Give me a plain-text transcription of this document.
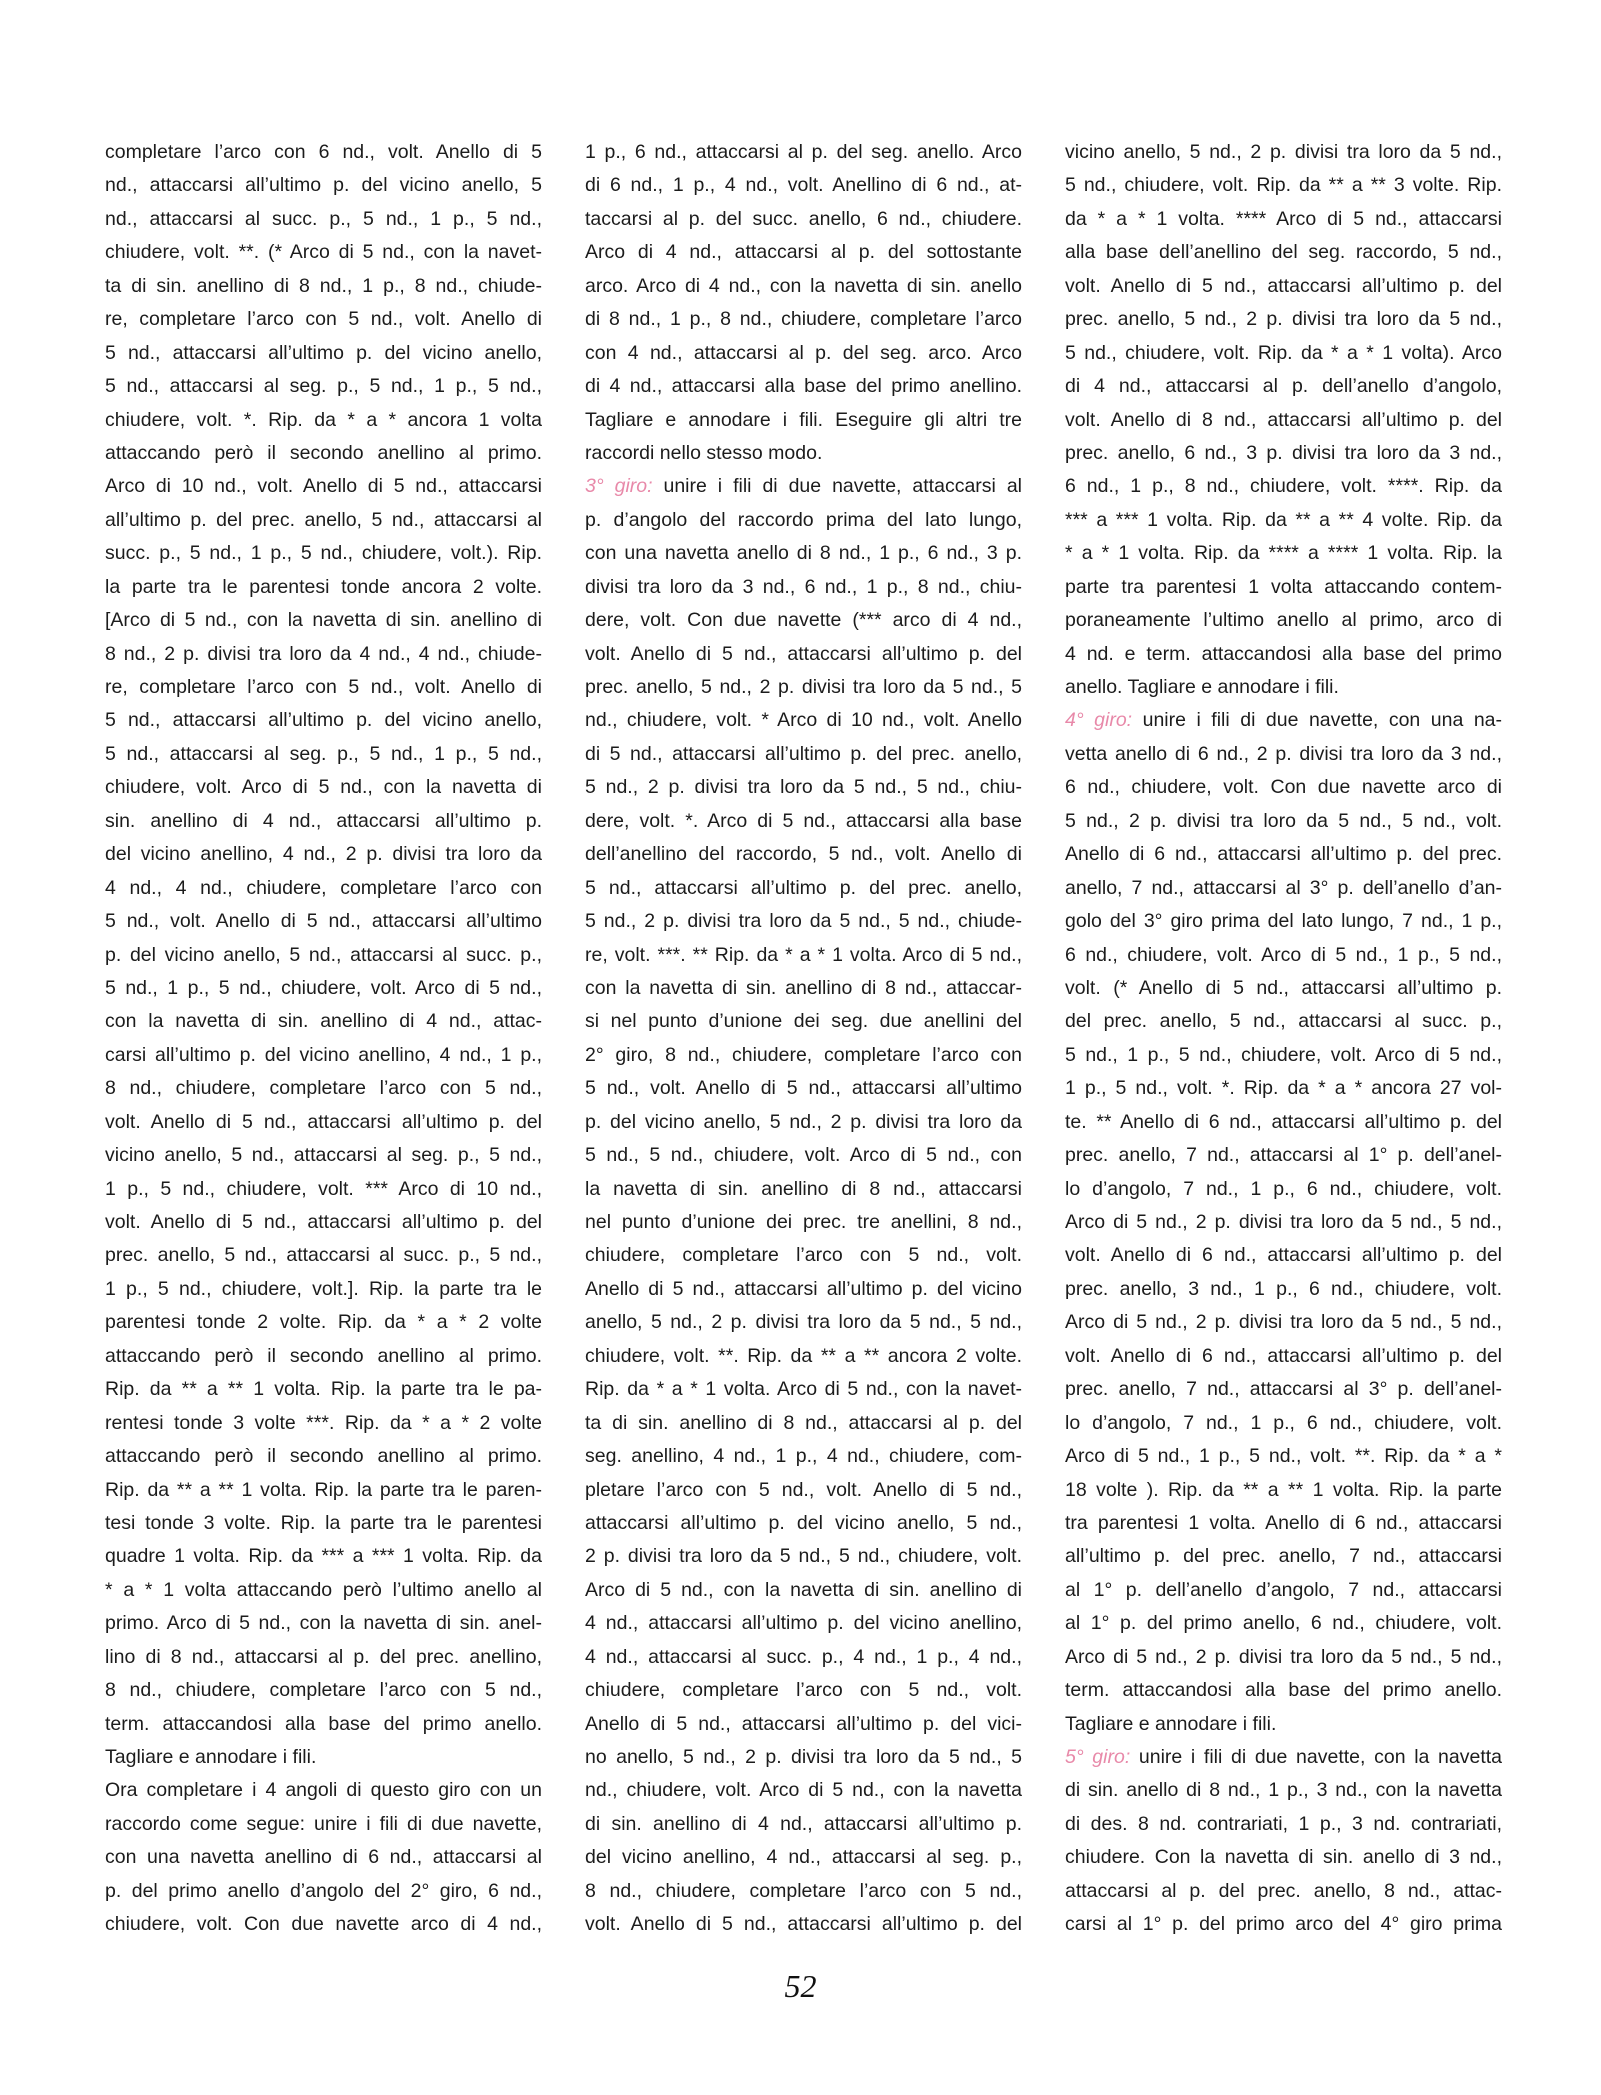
completare l’arco con 6 nd., volt. Anello di 5
nd., attaccarsi all’ultimo p. del vicino anello, 5
nd., attaccarsi al succ. p., 5 nd., 1 p., 5 nd.,
chiudere, volt. **. (* Arco di 5 nd., con la navet-
ta di sin. anellino di 8 nd., 1 p., 8 nd., chiude-
re, completare l’arco con 5 nd., volt. Anello di
5 nd., attaccarsi all’ultimo p. del vicino anello,
5 nd., attaccarsi al seg. p., 5 nd., 1 p., 5 nd.,
chiudere, volt. *. Rip. da * a * ancora 1 volta
attaccando però il secondo anellino al primo.
Arco di 10 nd., volt. Anello di 5 nd., attaccarsi
all’ultimo p. del prec. anello, 5 nd., attaccarsi al
succ. p., 5 nd., 1 p., 5 nd., chiudere, volt.). Rip.
la parte tra le parentesi tonde ancora 2 volte.
[Arco di 5 nd., con la navetta di sin. anellino di
8 nd., 2 p. divisi tra loro da 4 nd., 4 nd., chiude-
re, completare l’arco con 5 nd., volt. Anello di
5 nd., attaccarsi all’ultimo p. del vicino anello,
5 nd., attaccarsi al seg. p., 5 nd., 1 p., 5 nd.,
chiudere, volt. Arco di 5 nd., con la navetta di
sin. anellino di 4 nd., attaccarsi all’ultimo p.
del vicino anellino, 4 nd., 2 p. divisi tra loro da
4 nd., 4 nd., chiudere, completare l’arco con
5 nd., volt. Anello di 5 nd., attaccarsi all’ultimo
p. del vicino anello, 5 nd., attaccarsi al succ. p.,
5 nd., 1 p., 5 nd., chiudere, volt. Arco di 5 nd.,
con la navetta di sin. anellino di 4 nd., attac-
carsi all’ultimo p. del vicino anellino, 4 nd., 1 p.,
8 nd., chiudere, completare l’arco con 5 nd.,
volt. Anello di 5 nd., attaccarsi all’ultimo p. del
vicino anello, 5 nd., attaccarsi al seg. p., 5 nd.,
1 p., 5 nd., chiudere, volt. *** Arco di 10 nd.,
volt. Anello di 5 nd., attaccarsi all’ultimo p. del
prec. anello, 5 nd., attaccarsi al succ. p., 5 nd.,
1 p., 5 nd., chiudere, volt.]. Rip. la parte tra le
parentesi tonde 2 volte. Rip. da * a * 2 volte
attaccando però il secondo anellino al primo.
Rip. da ** a ** 1 volta. Rip. la parte tra le pa-
rentesi tonde 3 volte ***. Rip. da * a * 2 volte
attaccando però il secondo anellino al primo.
Rip. da ** a ** 1 volta. Rip. la parte tra le paren-
tesi tonde 3 volte. Rip. la parte tra le parentesi
quadre 1 volta. Rip. da *** a *** 1 volta. Rip. da
* a * 1 volta attaccando però l’ultimo anello al
primo. Arco di 5 nd., con la navetta di sin. anel-
lino di 8 nd., attaccarsi al p. del prec. anellino,
8 nd., chiudere, completare l’arco con 5 nd.,
term. attaccandosi alla base del primo anello.
Tagliare e annodare i fili.
Ora completare i 4 angoli di questo giro con un
raccordo come segue: unire i fili di due navette,
con una navetta anellino di 6 nd., attaccarsi al
p. del primo anello d’angolo del 2° giro, 6 nd.,
chiudere, volt. Con due navette arco di 4 nd.,
1 p., 6 nd., attaccarsi al p. del seg. anello. Arco
di 6 nd., 1 p., 4 nd., volt. Anellino di 6 nd., at-
taccarsi al p. del succ. anello, 6 nd., chiudere.
Arco di 4 nd., attaccarsi al p. del sottostante
arco. Arco di 4 nd., con la navetta di sin. anello
di 8 nd., 1 p., 8 nd., chiudere, completare l’arco
con 4 nd., attaccarsi al p. del seg. arco. Arco
di 4 nd., attaccarsi alla base del primo anellino.
Tagliare e annodare i fili. Eseguire gli altri tre
raccordi nello stesso modo.
3° giro: unire i fili di due navette, attaccarsi al
p. d’angolo del raccordo prima del lato lungo,
con una navetta anello di 8 nd., 1 p., 6 nd., 3 p.
divisi tra loro da 3 nd., 6 nd., 1 p., 8 nd., chiu-
dere, volt. Con due navette (*** arco di 4 nd.,
volt. Anello di 5 nd., attaccarsi all’ultimo p. del
prec. anello, 5 nd., 2 p. divisi tra loro da 5 nd., 5
nd., chiudere, volt. * Arco di 10 nd., volt. Anello
di 5 nd., attaccarsi all’ultimo p. del prec. anello,
5 nd., 2 p. divisi tra loro da 5 nd., 5 nd., chiu-
dere, volt. *. Arco di 5 nd., attaccarsi alla base
dell’anellino del raccordo, 5 nd., volt. Anello di
5 nd., attaccarsi all’ultimo p. del prec. anello,
5 nd., 2 p. divisi tra loro da 5 nd., 5 nd., chiude-
re, volt. ***. ** Rip. da * a * 1 volta. Arco di 5 nd.,
con la navetta di sin. anellino di 8 nd., attaccar-
si nel punto d’unione dei seg. due anellini del
2° giro, 8 nd., chiudere, completare l’arco con
5 nd., volt. Anello di 5 nd., attaccarsi all’ultimo
p. del vicino anello, 5 nd., 2 p. divisi tra loro da
5 nd., 5 nd., chiudere, volt. Arco di 5 nd., con
la navetta di sin. anellino di 8 nd., attaccarsi
nel punto d’unione dei prec. tre anellini, 8 nd.,
chiudere, completare l’arco con 5 nd., volt.
Anello di 5 nd., attaccarsi all’ultimo p. del vicino
anello, 5 nd., 2 p. divisi tra loro da 5 nd., 5 nd.,
chiudere, volt. **. Rip. da ** a ** ancora 2 volte.
Rip. da * a * 1 volta. Arco di 5 nd., con la navet-
ta di sin. anellino di 8 nd., attaccarsi al p. del
seg. anellino, 4 nd., 1 p., 4 nd., chiudere, com-
pletare l’arco con 5 nd., volt. Anello di 5 nd.,
attaccarsi all’ultimo p. del vicino anello, 5 nd.,
2 p. divisi tra loro da 5 nd., 5 nd., chiudere, volt.
Arco di 5 nd., con la navetta di sin. anellino di
4 nd., attaccarsi all’ultimo p. del vicino anellino,
4 nd., attaccarsi al succ. p., 4 nd., 1 p., 4 nd.,
chiudere, completare l’arco con 5 nd., volt.
Anello di 5 nd., attaccarsi all’ultimo p. del vici-
no anello, 5 nd., 2 p. divisi tra loro da 5 nd., 5
nd., chiudere, volt. Arco di 5 nd., con la navetta
di sin. anellino di 4 nd., attaccarsi all’ultimo p.
del vicino anellino, 4 nd., attaccarsi al seg. p.,
8 nd., chiudere, completare l’arco con 5 nd.,
volt. Anello di 5 nd., attaccarsi all’ultimo p. del
vicino anello, 5 nd., 2 p. divisi tra loro da 5 nd.,
5 nd., chiudere, volt. Rip. da ** a ** 3 volte. Rip.
da * a * 1 volta. **** Arco di 5 nd., attaccarsi
alla base dell’anellino del seg. raccordo, 5 nd.,
volt. Anello di 5 nd., attaccarsi all’ultimo p. del
prec. anello, 5 nd., 2 p. divisi tra loro da 5 nd.,
5 nd., chiudere, volt. Rip. da * a * 1 volta). Arco
di 4 nd., attaccarsi al p. dell’anello d’angolo,
volt. Anello di 8 nd., attaccarsi all’ultimo p. del
prec. anello, 6 nd., 3 p. divisi tra loro da 3 nd.,
6 nd., 1 p., 8 nd., chiudere, volt. ****. Rip. da
*** a *** 1 volta. Rip. da ** a ** 4 volte. Rip. da
* a * 1 volta. Rip. da **** a **** 1 volta. Rip. la
parte tra parentesi 1 volta attaccando contem-
poraneamente l’ultimo anello al primo, arco di
4 nd. e term. attaccandosi alla base del primo
anello. Tagliare e annodare i fili.
4° giro: unire i fili di due navette, con una na-
vetta anello di 6 nd., 2 p. divisi tra loro da 3 nd.,
6 nd., chiudere, volt. Con due navette arco di
5 nd., 2 p. divisi tra loro da 5 nd., 5 nd., volt.
Anello di 6 nd., attaccarsi all’ultimo p. del prec.
anello, 7 nd., attaccarsi al 3° p. dell’anello d’an-
golo del 3° giro prima del lato lungo, 7 nd., 1 p.,
6 nd., chiudere, volt. Arco di 5 nd., 1 p., 5 nd.,
volt. (* Anello di 5 nd., attaccarsi all’ultimo p.
del prec. anello, 5 nd., attaccarsi al succ. p.,
5 nd., 1 p., 5 nd., chiudere, volt. Arco di 5 nd.,
1 p., 5 nd., volt. *. Rip. da * a * ancora 27 vol-
te. ** Anello di 6 nd., attaccarsi all’ultimo p. del
prec. anello, 7 nd., attaccarsi al 1° p. dell’anel-
lo d’angolo, 7 nd., 1 p., 6 nd., chiudere, volt.
Arco di 5 nd., 2 p. divisi tra loro da 5 nd., 5 nd.,
volt. Anello di 6 nd., attaccarsi all’ultimo p. del
prec. anello, 3 nd., 1 p., 6 nd., chiudere, volt.
Arco di 5 nd., 2 p. divisi tra loro da 5 nd., 5 nd.,
volt. Anello di 6 nd., attaccarsi all’ultimo p. del
prec. anello, 7 nd., attaccarsi al 3° p. dell’anel-
lo d’angolo, 7 nd., 1 p., 6 nd., chiudere, volt.
Arco di 5 nd., 1 p., 5 nd., volt. **. Rip. da * a *
18 volte ). Rip. da ** a ** 1 volta. Rip. la parte
tra parentesi 1 volta. Anello di 6 nd., attaccarsi
all’ultimo p. del prec. anello, 7 nd., attaccarsi
al 1° p. dell’anello d’angolo, 7 nd., attaccarsi
al 1° p. del primo anello, 6 nd., chiudere, volt.
Arco di 5 nd., 2 p. divisi tra loro da 5 nd., 5 nd.,
term. attaccandosi alla base del primo anello.
Tagliare e annodare i fili.
5° giro: unire i fili di due navette, con la navetta
di sin. anello di 8 nd., 1 p., 3 nd., con la navetta
di des. 8 nd. contrariati, 1 p., 3 nd. contrariati,
chiudere. Con la navetta di sin. anello di 3 nd.,
attaccarsi al p. del prec. anello, 8 nd., attac-
carsi al 1° p. del primo arco del 4° giro prima
52
